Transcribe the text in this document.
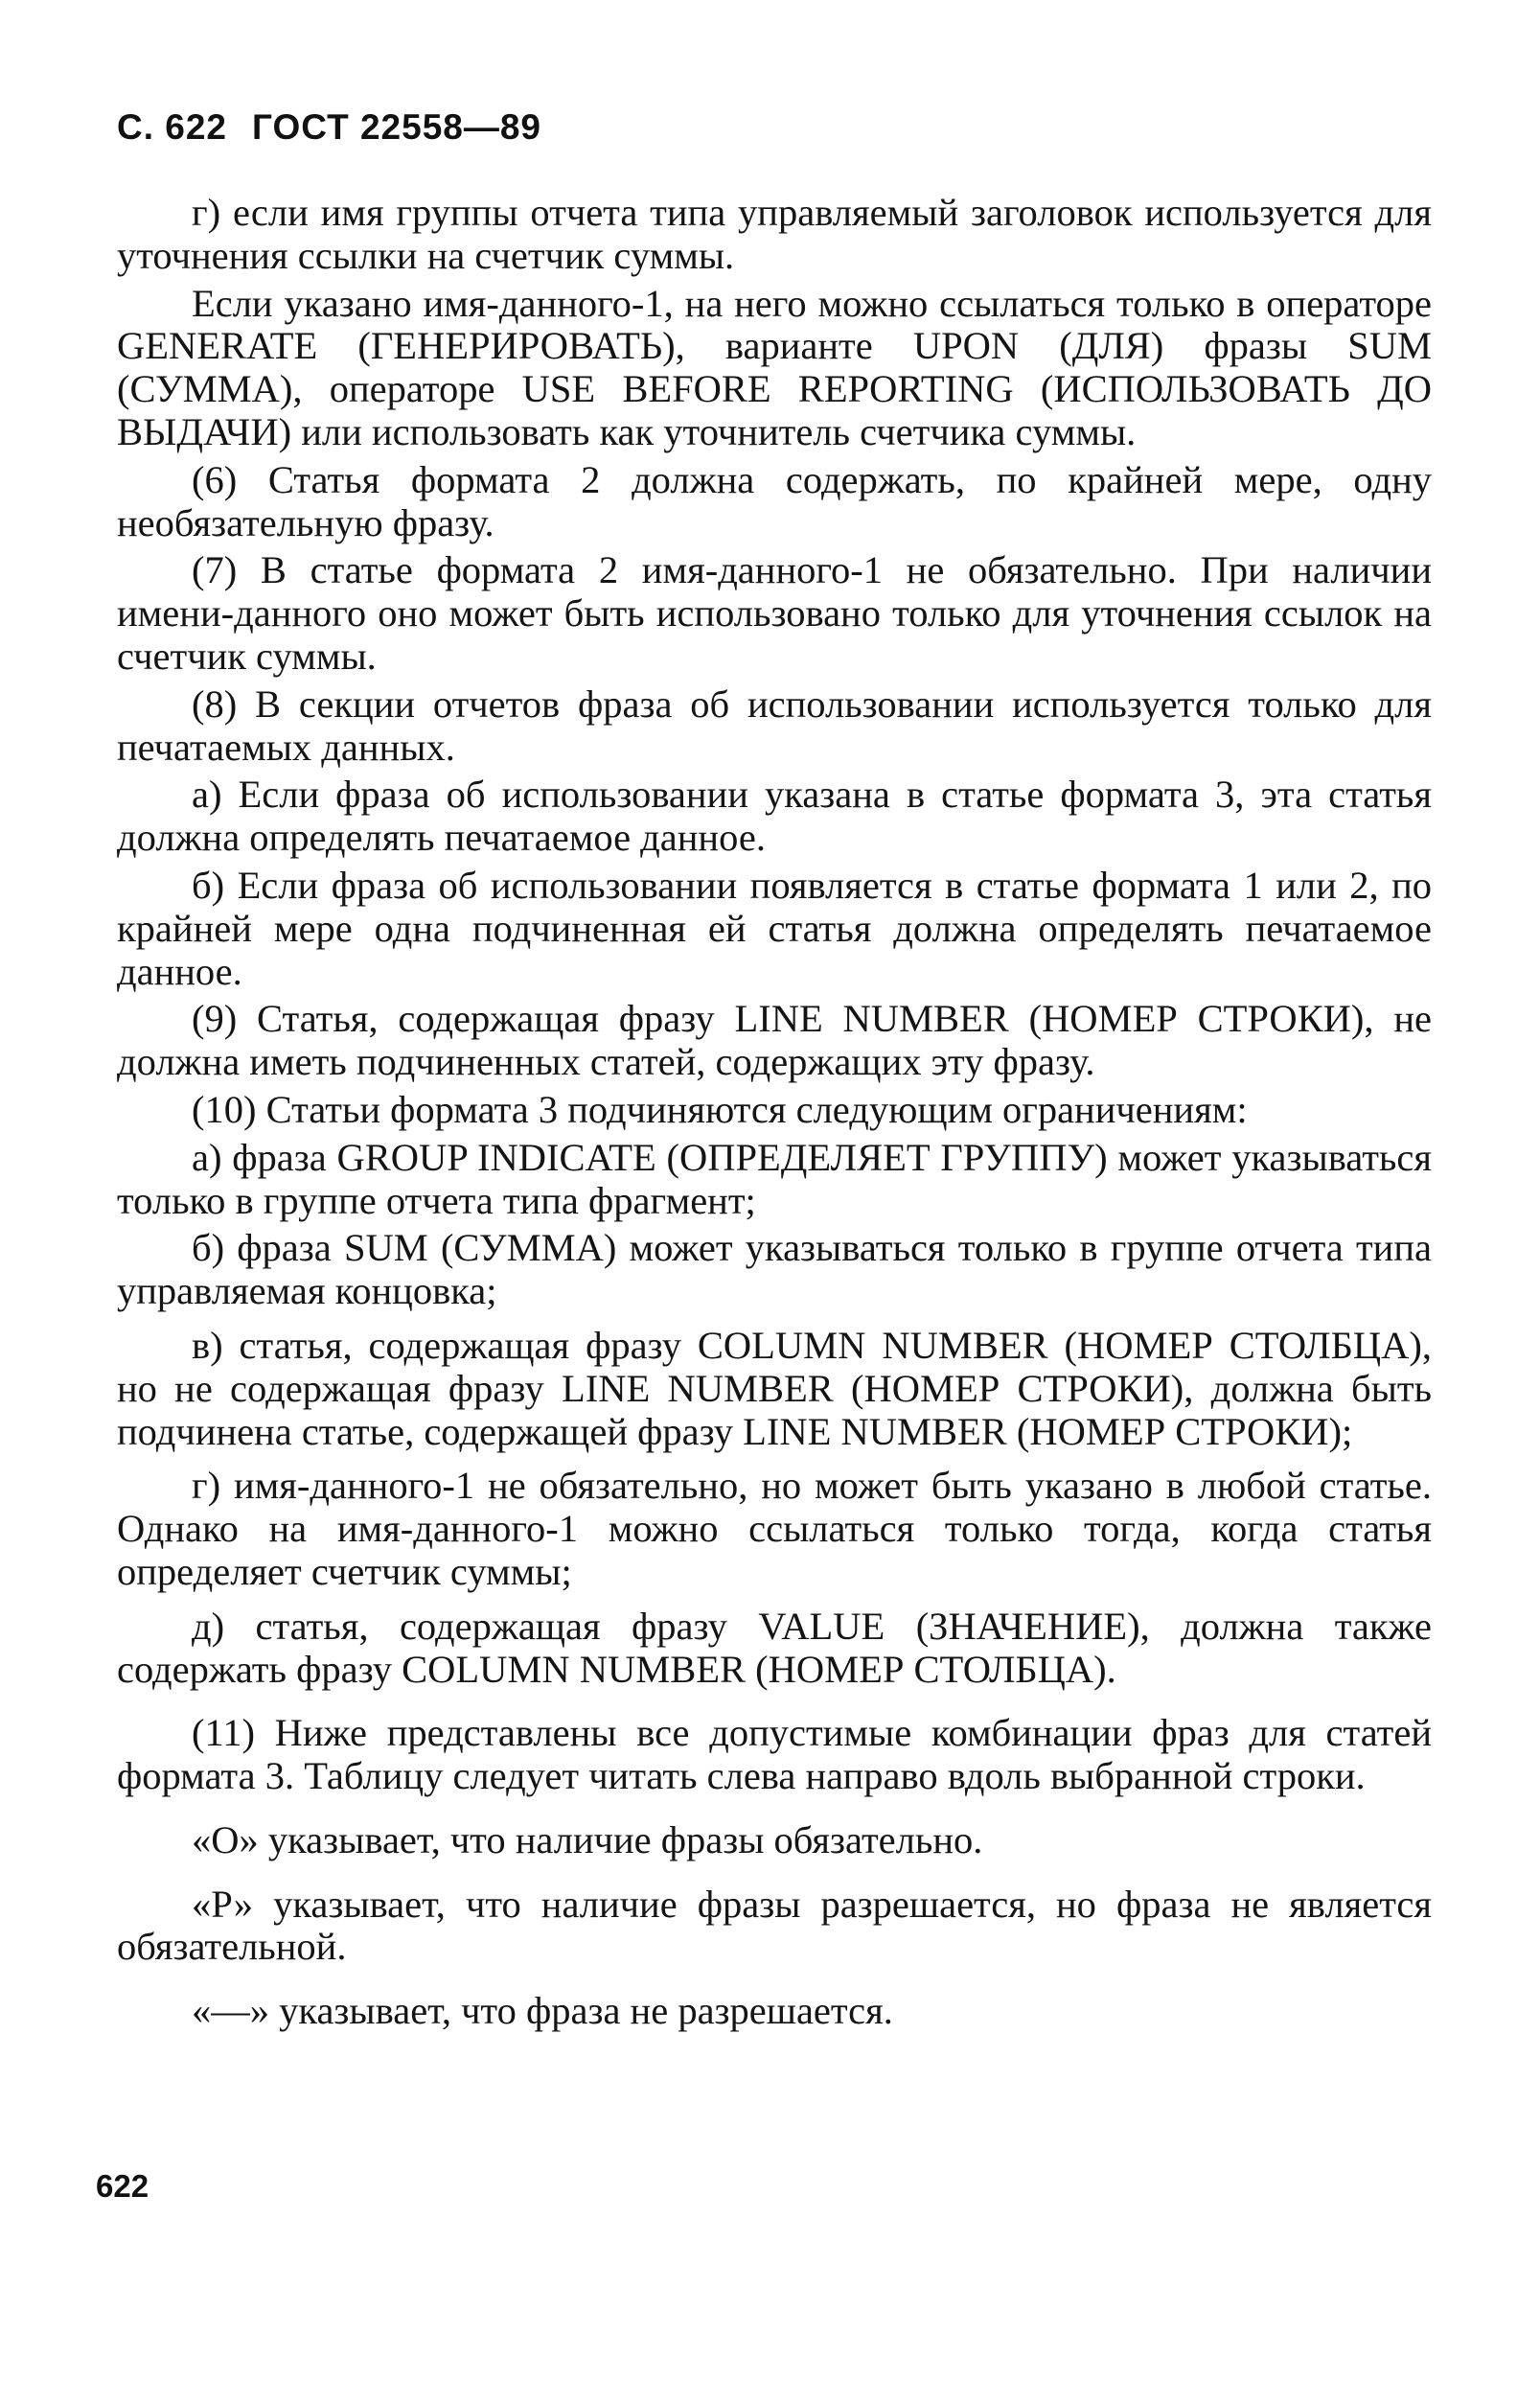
С. 622 ГОСТ 22558—89

г) если имя группы отчета типа управляемый заголовок используется для уточнения ссылки на счетчик суммы.

Если указано имя-данного-1, на него можно ссылаться только в операторе GENERATE (ГЕНЕРИРОВАТЬ), варианте UPON (ДЛЯ) фразы SUM (СУММА), операторе USE BEFORE REPORTING (ИСПОЛЬЗОВАТЬ ДО ВЫДАЧИ) или использовать как уточнитель счетчика суммы.

(6) Статья формата 2 должна содержать, по крайней мере, одну необязательную фразу.

(7) В статье формата 2 имя-данного-1 не обязательно. При наличии имени-данного оно может быть использовано только для уточнения ссылок на счетчик суммы.

(8) В секции отчетов фраза об использовании используется только для печатаемых данных.

а) Если фраза об использовании указана в статье формата 3, эта статья должна определять печатаемое данное.

б) Если фраза об использовании появляется в статье формата 1 или 2, по крайней мере одна подчиненная ей статья должна определять печатаемое данное.

(9) Статья, содержащая фразу LINE NUMBER (НОМЕР СТРОКИ), не должна иметь подчиненных статей, содержащих эту фразу.

(10) Статьи формата 3 подчиняются следующим ограничениям:

а) фраза GROUP INDICATE (ОПРЕДЕЛЯЕТ ГРУППУ) может указываться только в группе отчета типа фрагмент;

б) фраза SUM (СУММА) может указываться только в группе отчета типа управляемая концовка;

в) статья, содержащая фразу COLUMN NUMBER (НОМЕР СТОЛБЦА), но не содержащая фразу LINE NUMBER (НОМЕР СТРОКИ), должна быть подчинена статье, содержащей фразу LINE NUMBER (НОМЕР СТРОКИ);

г) имя-данного-1 не обязательно, но может быть указано в любой статье. Однако на имя-данного-1 можно ссылаться только тогда, когда статья определяет счетчик суммы;

д) статья, содержащая фразу VALUE (ЗНАЧЕНИЕ), должна также содержать фразу COLUMN NUMBER (НОМЕР СТОЛБЦА).

(11) Ниже представлены все допустимые комбинации фраз для статей формата 3. Таблицу следует читать слева направо вдоль выбранной строки.

«О» указывает, что наличие фразы обязательно.

«Р» указывает, что наличие фразы разрешается, но фраза не является обязательной.

«—» указывает, что фраза не разрешается.

622
